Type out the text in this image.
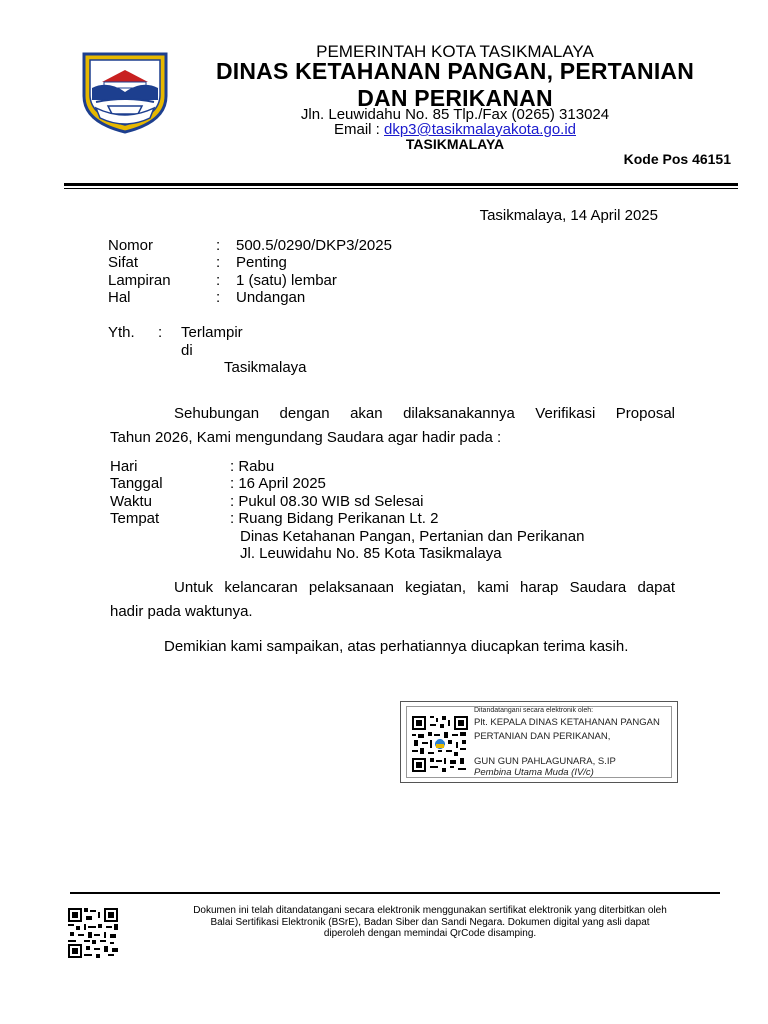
PEMERINTAH KOTA TASIKMALAYA
DINAS KETAHANAN PANGAN, PERTANIAN
DAN PERIKANAN
Jln. Leuwidahu No. 85 Tlp./Fax (0265) 313024
Email : dkp3@tasikmalayakota.go.id
TASIKMALAYA
Kode Pos 46151
Tasikmalaya, 14 April 2025
Nomor	:	500.5/0290/DKP3/2025
Sifat	:	Penting
Lampiran	:	1 (satu) lembar
Hal	:	Undangan
Yth. : Terlampir
di
Tasikmalaya
Sehubungan dengan akan dilaksanakannya Verifikasi Proposal
Tahun 2026, Kami mengundang Saudara agar hadir pada :
Hari	: Rabu
Tanggal	: 16 April 2025
Waktu	: Pukul 08.30 WIB sd Selesai
Tempat	: Ruang Bidang Perikanan Lt. 2
Dinas Ketahanan Pangan, Pertanian dan Perikanan
Jl. Leuwidahu No. 85 Kota Tasikmalaya
Untuk kelancaran pelaksanaan kegiatan, kami harap Saudara dapat
hadir pada waktunya.
Demikian kami sampaikan, atas perhatiannya diucapkan terima kasih.
Ditandatangani secara elektronik oleh:
Plt. KEPALA DINAS KETAHANAN PANGAN
PERTANIAN DAN PERIKANAN,
GUN GUN PAHLAGUNARA, S.IP
Pembina Utama Muda (IV/c)
Dokumen ini telah ditandatangani secara elektronik menggunakan sertifikat elektronik yang diterbitkan oleh
Balai Sertifikasi Elektronik (BSrE), Badan Siber dan Sandi Negara. Dokumen digital yang asli dapat
diperoleh dengan memindai QrCode disamping.
